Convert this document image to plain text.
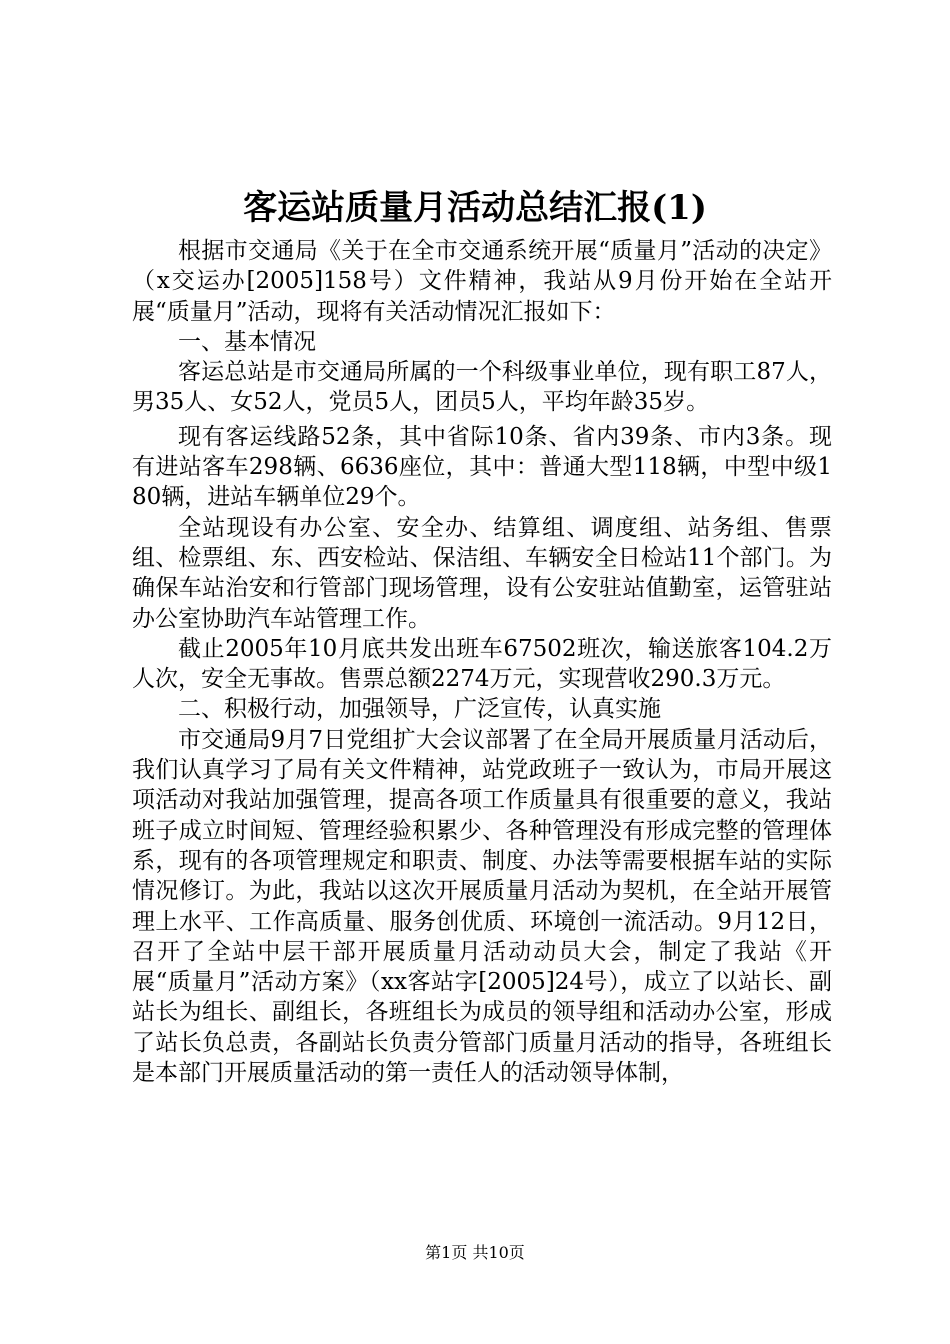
客运站质量月活动总结汇报(1)

根据市交通局《关于在全市交通系统开展“质量月”活动的决定》（x交运办[2005]158号）文件精神，我站从9月份开始在全站开展“质量月”活动，现将有关活动情况汇报如下：

一、基本情况

客运总站是市交通局所属的一个科级事业单位，现有职工87人，男35人、女52人，党员5人，团员5人，平均年龄35岁。

现有客运线路52条，其中省际10条、省内39条、市内3条。现有进站客车298辆、6636座位，其中：普通大型118辆，中型中级180辆，进站车辆单位29个。

全站现设有办公室、安全办、结算组、调度组、站务组、售票组、检票组、东、西安检站、保洁组、车辆安全日检站11个部门。为确保车站治安和行管部门现场管理，设有公安驻站值勤室，运管驻站办公室协助汽车站管理工作。

截止2005年10月底共发出班车67502班次，输送旅客104.2万人次，安全无事故。售票总额2274万元，实现营收290.3万元。

二、积极行动，加强领导，广泛宣传，认真实施

市交通局9月7日党组扩大会议部署了在全局开展质量月活动后，我们认真学习了局有关文件精神，站党政班子一致认为，市局开展这项活动对我站加强管理，提高各项工作质量具有很重要的意义，我站班子成立时间短、管理经验积累少、各种管理没有形成完整的管理体系，现有的各项管理规定和职责、制度、办法等需要根据车站的实际情况修订。为此，我站以这次开展质量月活动为契机，在全站开展管理上水平、工作高质量、服务创优质、环境创一流活动。9月12日，召开了全站中层干部开展质量月活动动员大会，制定了我站《开展“质量月”活动方案》（xx客站字[2005]24号），成立了以站长、副站长为组长、副组长，各班组长为成员的领导组和活动办公室，形成了站长负总责，各副站长负责分管部门质量月活动的指导，各班组长是本部门开展质量活动的第一责任人的活动领导体制，

第1页 共10页
